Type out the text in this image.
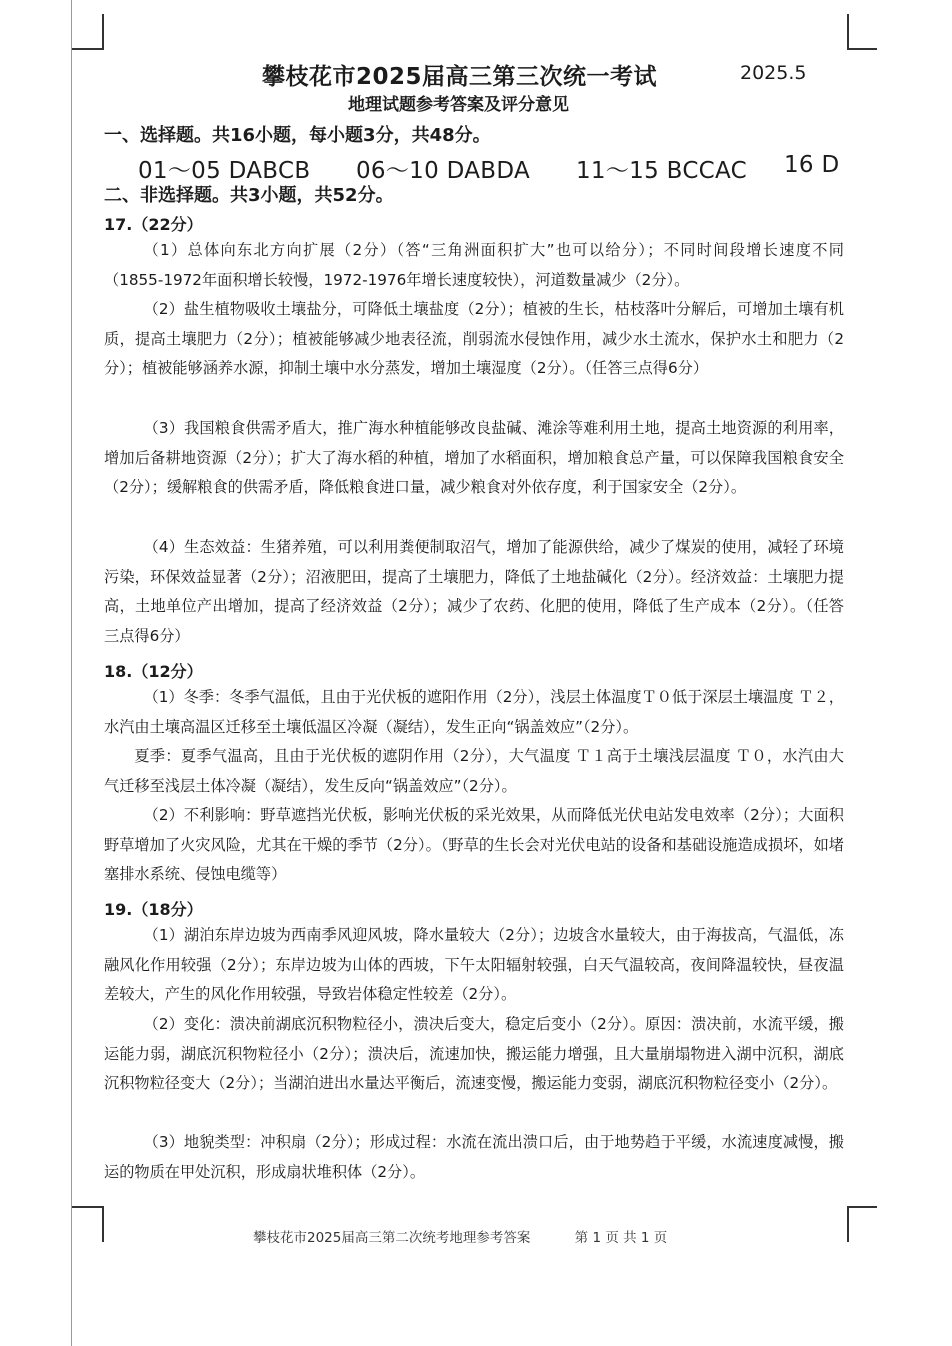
攀枝花市2025届高三第三次统一考试	2025.5
地理试题参考答案及评分意见
一、选择题。共16小题，每小题3分，共48分。
01～05 DABCB 06～10 DABDA 11～15 BCCAC 16 D
二、非选择题。共3小题，共52分。
17.（22分）
（1）总体向东北方向扩展（2分）（答“三角洲面积扩大”也可以给分）；不同时间段增长速度不同（1855-1972年面积增长较慢，1972-1976年增长速度较快），河道数量减少（2分）。
（2）盐生植物吸收土壤盐分，可降低土壤盐度（2分）；植被的生长，枯枝落叶分解后，可增加土壤有机质，提高土壤肥力（2分）；植被能够减少地表径流，削弱流水侵蚀作用，减少水土流水，保护水土和肥力（2分）；植被能够涵养水源，抑制土壤中水分蒸发，增加土壤湿度（2分）。（任答三点得6分）
（3）我国粮食供需矛盾大，推广海水种植能够改良盐碱、滩涂等难利用土地，提高土地资源的利用率，增加后备耕地资源（2分）；扩大了海水稻的种植，增加了水稻面积，增加粮食总产量，可以保障我国粮食安全（2分）；缓解粮食的供需矛盾，降低粮食进口量，减少粮食对外依存度，利于国家安全（2分）。
（4）生态效益：生猪养殖，可以利用粪便制取沼气，增加了能源供给，减少了煤炭的使用，减轻了环境污染，环保效益显著（2分）；沼液肥田，提高了土壤肥力，降低了土地盐碱化（2分）。经济效益：土壤肥力提高，土地单位产出增加，提高了经济效益（2分）；减少了农药、化肥的使用，降低了生产成本（2分）。（任答三点得6分）
18.（12分）
（1）冬季：冬季气温低，且由于光伏板的遮阳作用（2分），浅层土体温度Ｔ０低于深层土壤温度 Ｔ２，水汽由土壤高温区迁移至土壤低温区冷凝（凝结），发生正向“锅盖效应”（2分）。
夏季：夏季气温高，且由于光伏板的遮阴作用（2分），大气温度 Ｔ１高于土壤浅层温度 Ｔ０，水汽由大气迁移至浅层土体冷凝（凝结），发生反向“锅盖效应”（2分）。
（2）不利影响：野草遮挡光伏板，影响光伏板的采光效果，从而降低光伏电站发电效率（2分）；大面积野草增加了火灾风险，尤其在干燥的季节（2分）。（野草的生长会对光伏电站的设备和基础设施造成损坏，如堵塞排水系统、侵蚀电缆等）
19.（18分）
（1）湖泊东岸边坡为西南季风迎风坡，降水量较大（2分）；边坡含水量较大，由于海拔高，气温低，冻融风化作用较强（2分）；东岸边坡为山体的西坡，下午太阳辐射较强，白天气温较高，夜间降温较快，昼夜温差较大，产生的风化作用较强，导致岩体稳定性较差（2分）。
（2）变化：溃决前湖底沉积物粒径小，溃决后变大，稳定后变小（2分）。原因：溃决前，水流平缓，搬运能力弱，湖底沉积物粒径小（2分）；溃决后，流速加快，搬运能力增强，且大量崩塌物进入湖中沉积，湖底沉积物粒径变大（2分）；当湖泊进出水量达平衡后，流速变慢，搬运能力变弱，湖底沉积物粒径变小（2分）。
（3）地貌类型：冲积扇（2分）；形成过程：水流在流出溃口后，由于地势趋于平缓，水流速度减慢，搬运的物质在甲处沉积，形成扇状堆积体（2分）。
攀枝花市2025届高三第二次统考地理参考答案	第 1 页 共 1 页
